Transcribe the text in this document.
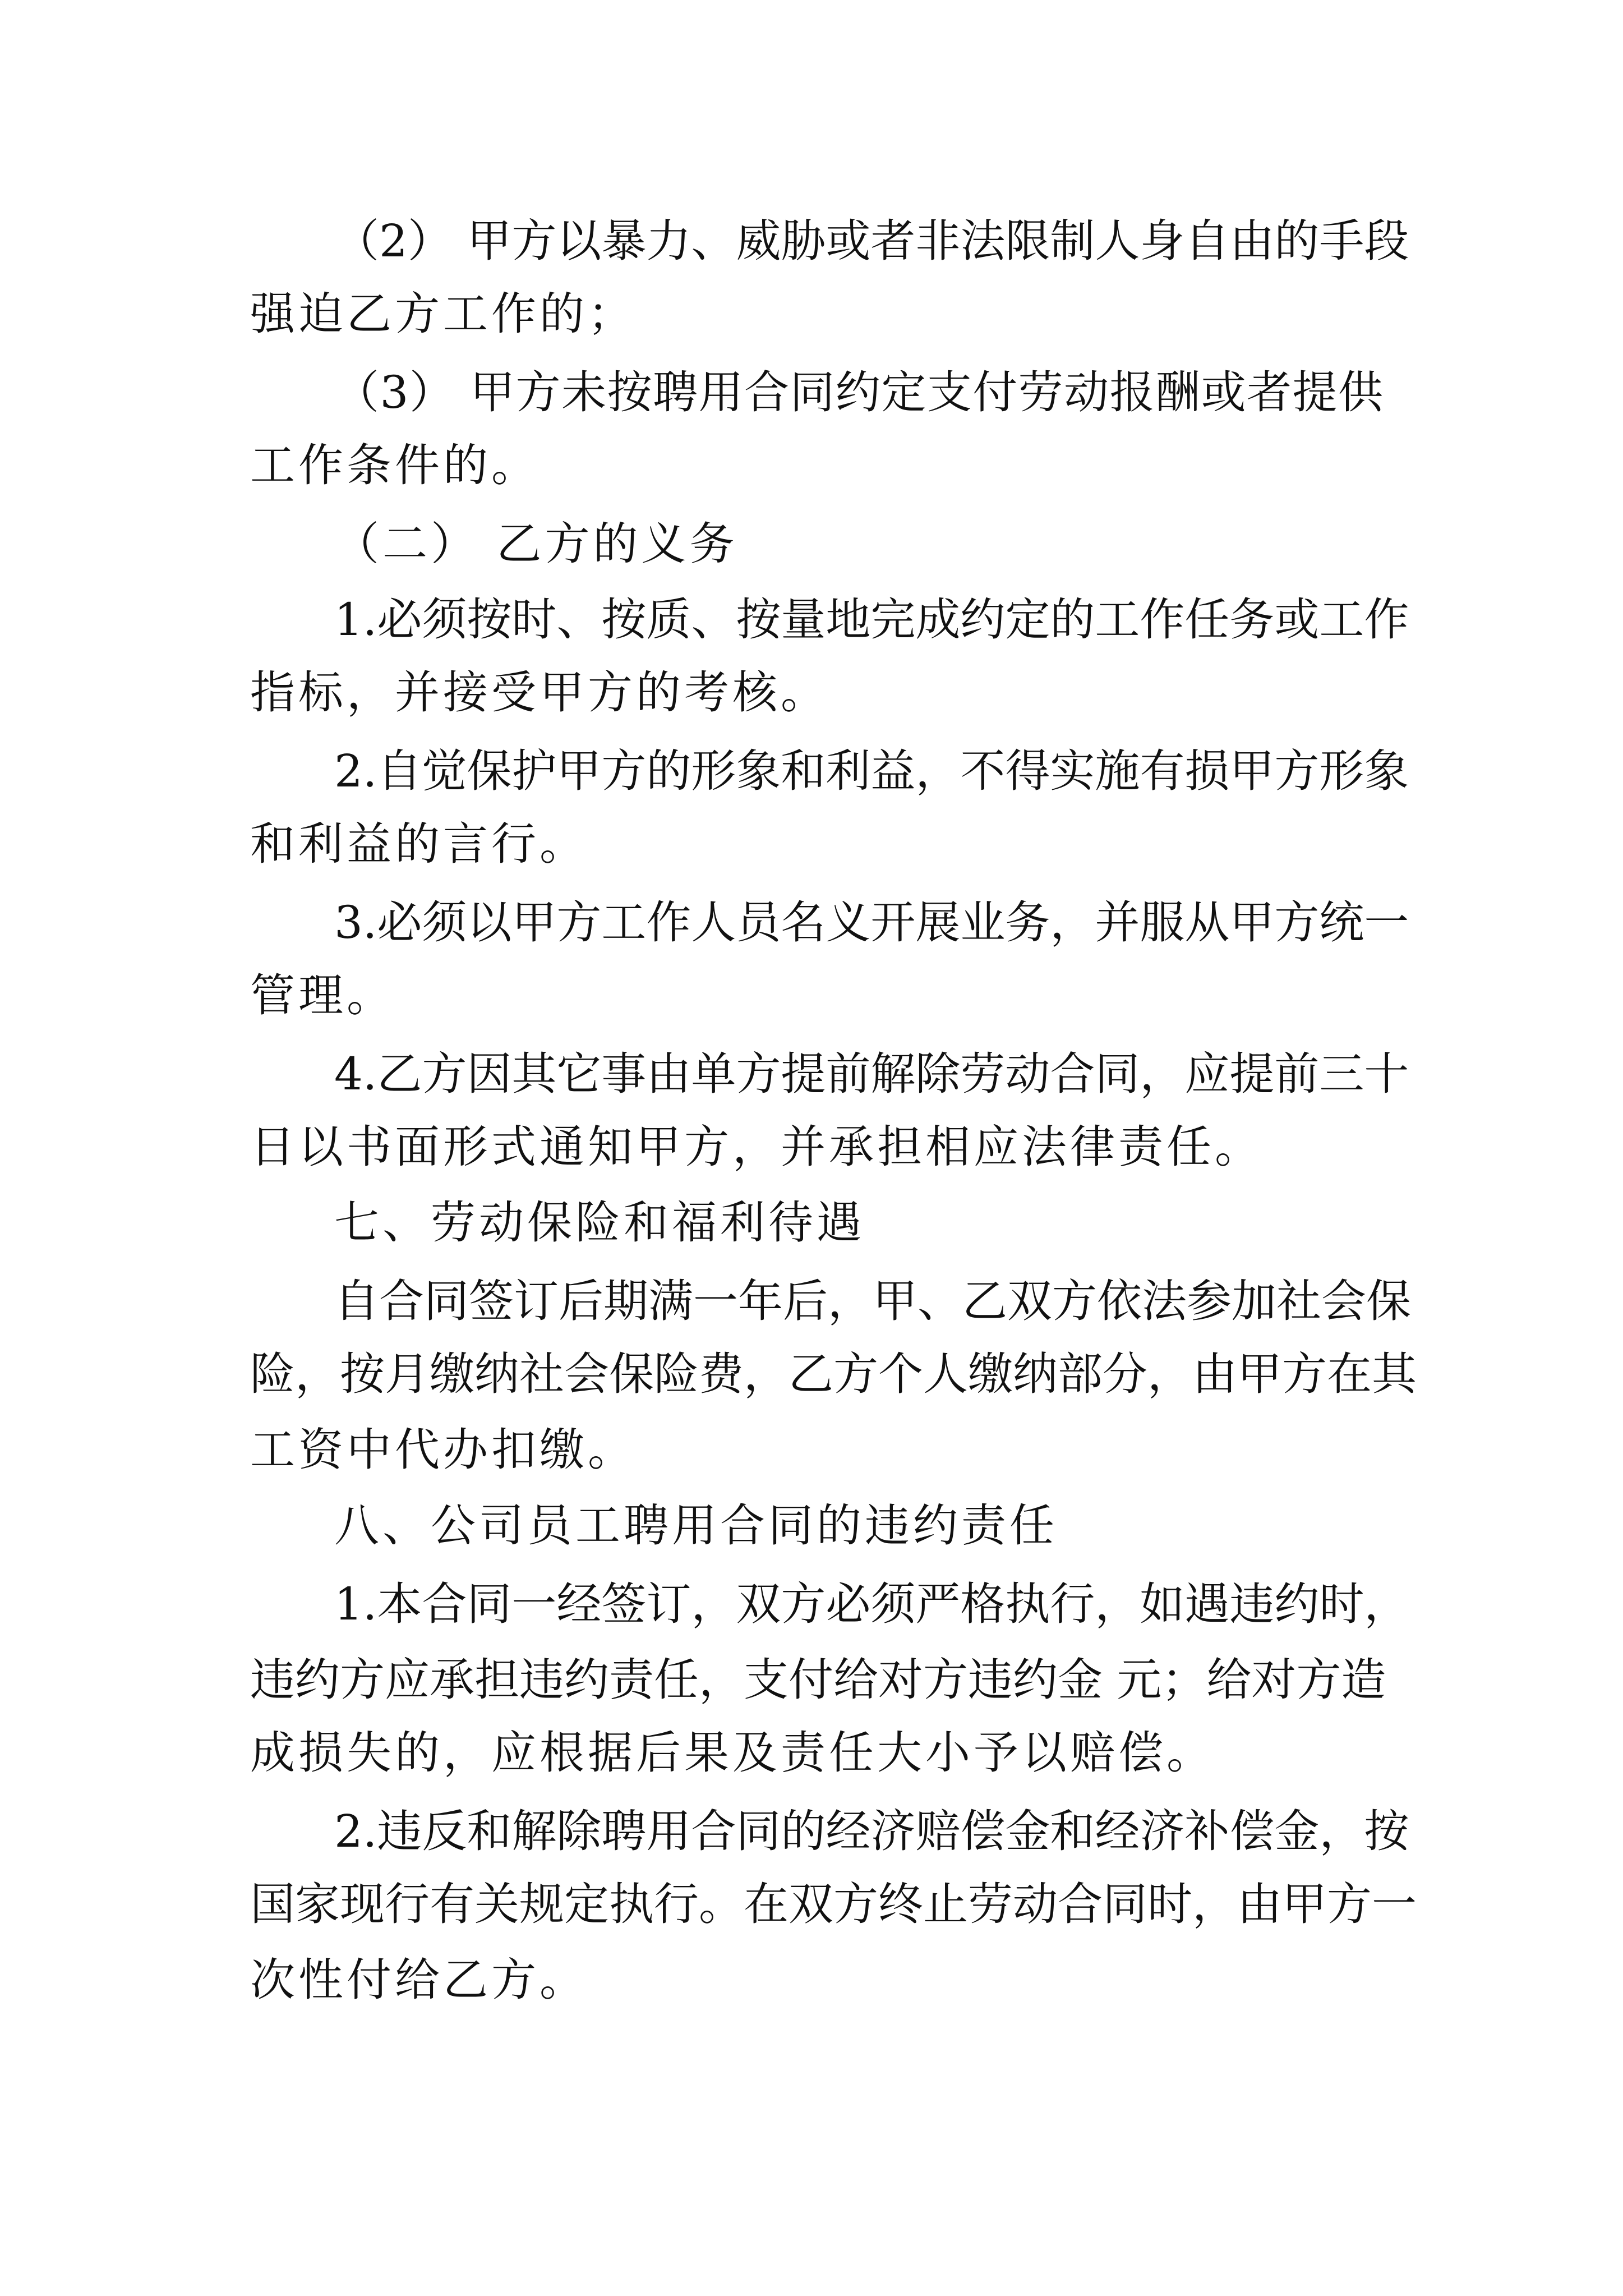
（2） 甲方以暴力、威胁或者非法限制人身自由的手段
强迫乙方工作的；
（3） 甲方未按聘用合同约定支付劳动报酬或者提供
工作条件的。
（二） 乙方的义务
1.必须按时、按质、按量地完成约定的工作任务或工作
指标，并接受甲方的考核。
2.自觉保护甲方的形象和利益，不得实施有损甲方形象
和利益的言行。
3.必须以甲方工作人员名义开展业务，并服从甲方统一
管理。
4.乙方因其它事由单方提前解除劳动合同，应提前三十
日以书面形式通知甲方，并承担相应法律责任。
七、劳动保险和福利待遇
自合同签订后期满一年后，甲、乙双方依法参加社会保
险，按月缴纳社会保险费，乙方个人缴纳部分，由甲方在其
工资中代办扣缴。
八、公司员工聘用合同的违约责任
1.本合同一经签订，双方必须严格执行，如遇违约时，
违约方应承担违约责任，支付给对方违约金 元；给对方造
成损失的，应根据后果及责任大小予以赔偿。
2.违反和解除聘用合同的经济赔偿金和经济补偿金，按
国家现行有关规定执行。在双方终止劳动合同时，由甲方一
次性付给乙方。
